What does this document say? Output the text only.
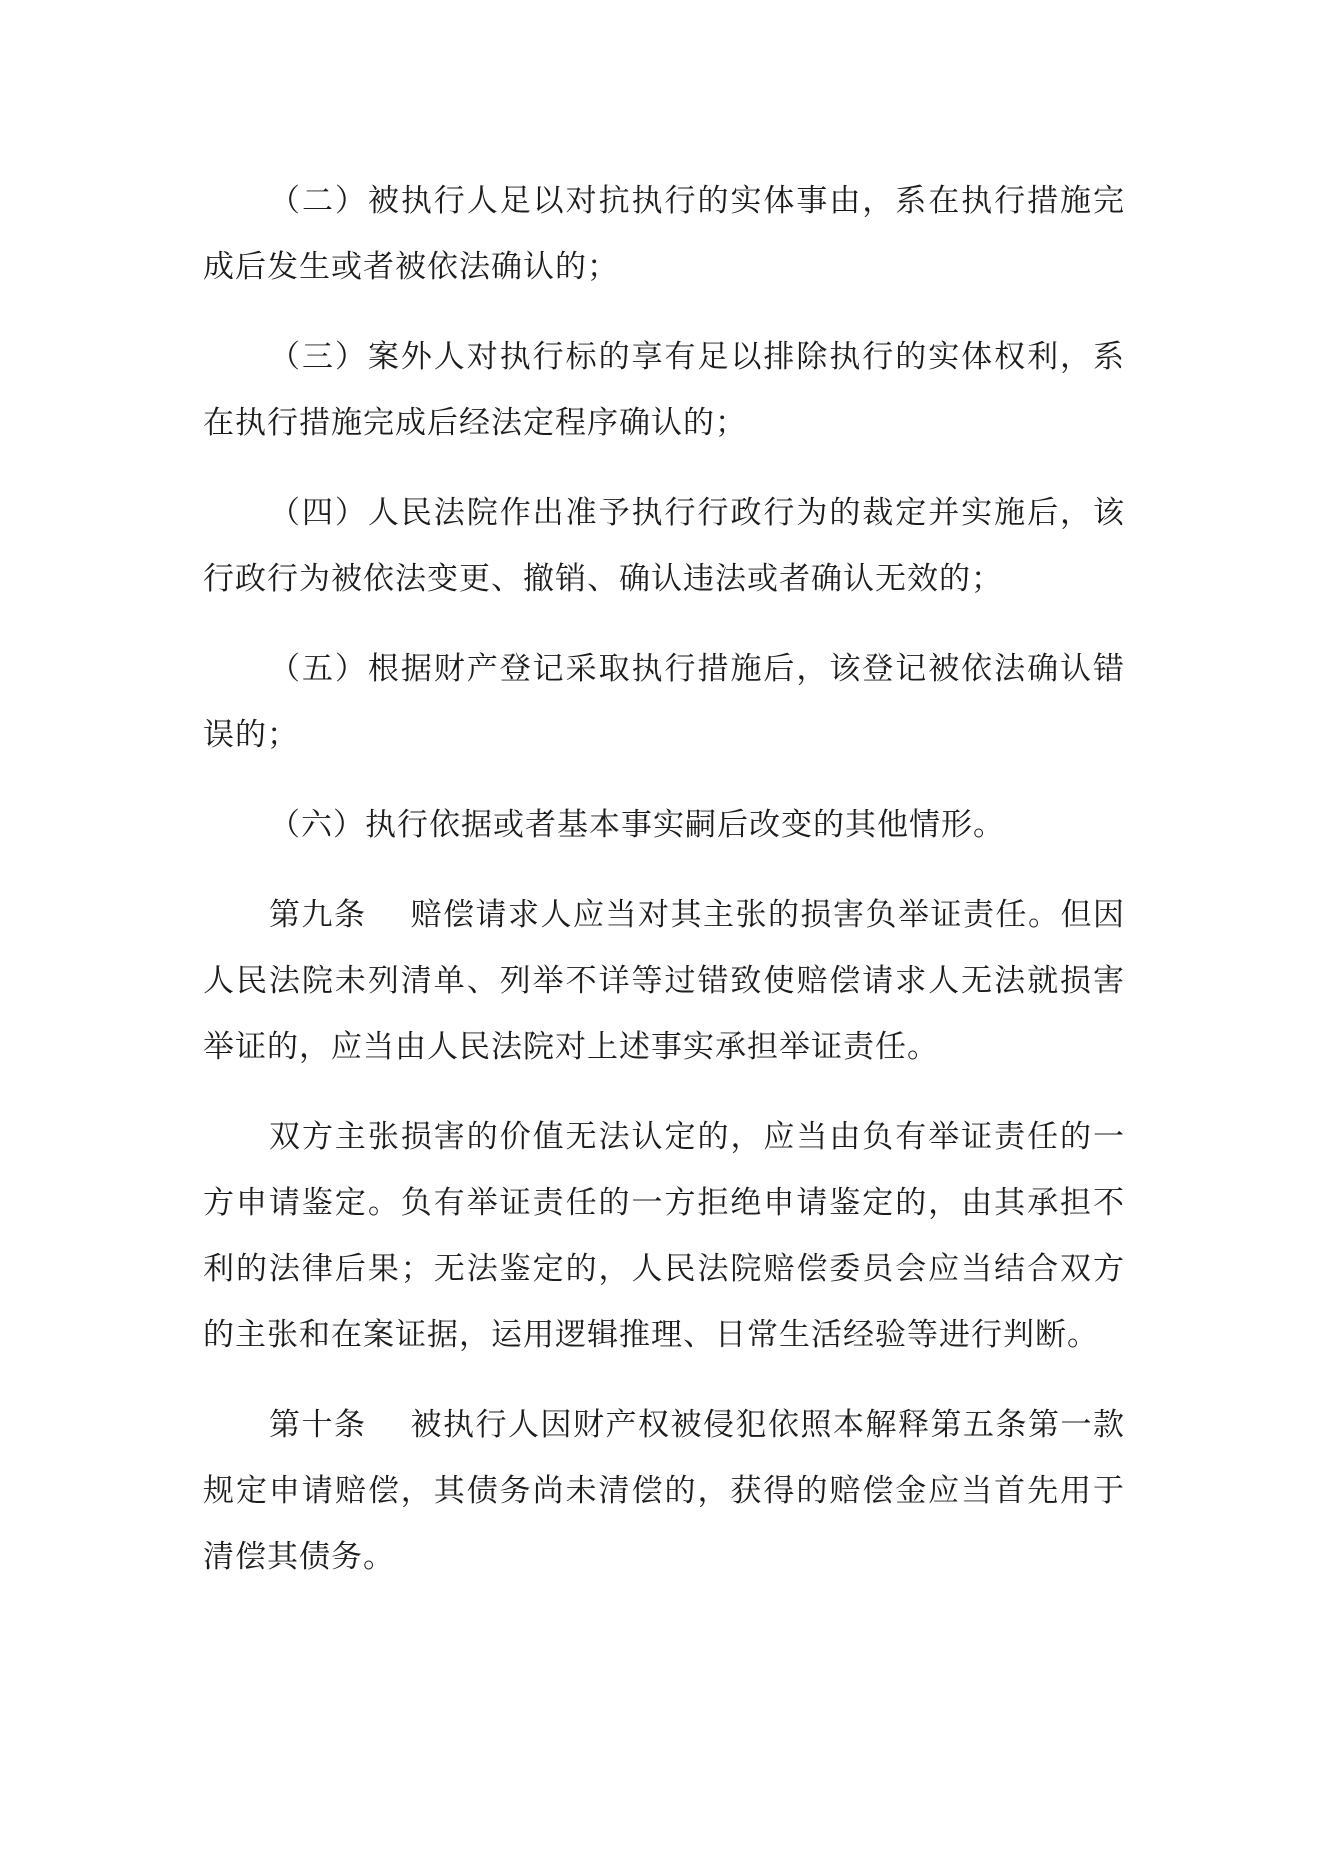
（二）被执行人足以对抗执行的实体事由，系在执行措施完成后发生或者被依法确认的；

（三）案外人对执行标的享有足以排除执行的实体权利，系在执行措施完成后经法定程序确认的；

（四）人民法院作出准予执行行政行为的裁定并实施后，该行政行为被依法变更、撤销、确认违法或者确认无效的；

（五）根据财产登记采取执行措施后，该登记被依法确认错误的；

（六）执行依据或者基本事实嗣后改变的其他情形。

第九条 赔偿请求人应当对其主张的损害负举证责任。但因人民法院未列清单、列举不详等过错致使赔偿请求人无法就损害举证的，应当由人民法院对上述事实承担举证责任。

双方主张损害的价值无法认定的，应当由负有举证责任的一方申请鉴定。负有举证责任的一方拒绝申请鉴定的，由其承担不利的法律后果；无法鉴定的，人民法院赔偿委员会应当结合双方的主张和在案证据，运用逻辑推理、日常生活经验等进行判断。

第十条 被执行人因财产权被侵犯依照本解释第五条第一款规定申请赔偿，其债务尚未清偿的，获得的赔偿金应当首先用于清偿其债务。
